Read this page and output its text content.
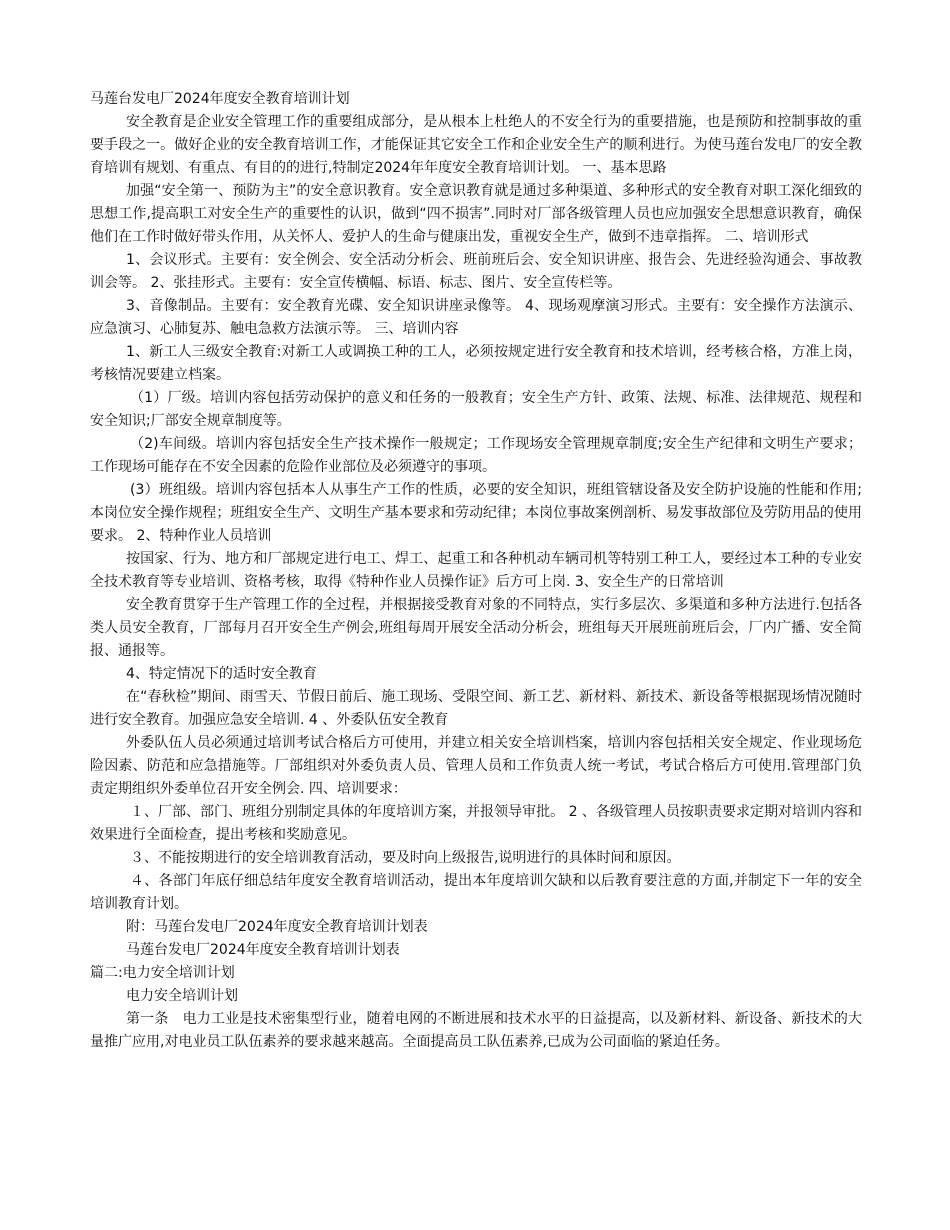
马莲台发电厂2024年度安全教育培训计划

安全教育是企业安全管理工作的重要组成部分，是从根本上杜绝人的不安全行为的重要措施，也是预防和控制事故的重要手段之一。做好企业的安全教育培训工作，才能保证其它安全工作和企业安全生产的顺利进行。为使马莲台发电厂的安全教育培训有规划、有重点、有目的的进行,特制定2024年年度安全教育培训计划。 一、基本思路

加强“安全第一、预防为主”的安全意识教育。安全意识教育就是通过多种渠道、多种形式的安全教育对职工深化细致的思想工作,提高职工对安全生产的重要性的认识，做到“四不损害”.同时对厂部各级管理人员也应加强安全思想意识教育，确保他们在工作时做好带头作用，从关怀人、爱护人的生命与健康出发，重视安全生产，做到不违章指挥。 二、培训形式

1、会议形式。主要有：安全例会、安全活动分析会、班前班后会、安全知识讲座、报告会、先进经验沟通会、事故教训会等。 2、张挂形式。主要有：安全宣传横幅、标语、标志、图片、安全宣传栏等。

3、音像制品。主要有：安全教育光碟、安全知识讲座录像等。 4、现场观摩演习形式。主要有：安全操作方法演示、应急演习、心肺复苏、触电急救方法演示等。 三、培训内容

1、新工人三级安全教育:对新工人或调换工种的工人，必须按规定进行安全教育和技术培训，经考核合格，方准上岗，考核情况要建立档案。

（1）厂级。培训内容包括劳动保护的意义和任务的一般教育；安全生产方针、政策、法规、标准、法律规范、规程和安全知识;厂部安全规章制度等。

（2)车间级。培训内容包括安全生产技术操作一般规定；工作现场安全管理规章制度;安全生产纪律和文明生产要求；工作现场可能存在不安全因素的危险作业部位及必须遵守的事项。

(3）班组级。培训内容包括本人从事生产工作的性质，必要的安全知识，班组管辖设备及安全防护设施的性能和作用;本岗位安全操作规程；班组安全生产、文明生产基本要求和劳动纪律；本岗位事故案例剖析、易发事故部位及劳防用品的使用要求。 2、特种作业人员培训

按国家、行为、地方和厂部规定进行电工、焊工、起重工和各种机动车辆司机等特别工种工人，要经过本工种的专业安全技术教育等专业培训、资格考核，取得《特种作业人员操作证》后方可上岗. 3、安全生产的日常培训

安全教育贯穿于生产管理工作的全过程，并根据接受教育对象的不同特点，实行多层次、多渠道和多种方法进行.包括各类人员安全教育，厂部每月召开安全生产例会,班组每周开展安全活动分析会，班组每天开展班前班后会，厂内广播、安全简报、通报等。

4、特定情况下的适时安全教育

在“春秋检”期间、雨雪天、节假日前后、施工现场、受限空间、新工艺、新材料、新技术、新设备等根据现场情况随时进行安全教育。加强应急安全培训. 4 、外委队伍安全教育

外委队伍人员必须通过培训考试合格后方可使用，并建立相关安全培训档案，培训内容包括相关安全规定、作业现场危险因素、防范和应急措施等。厂部组织对外委负责人员、管理人员和工作负责人统一考试，考试合格后方可使用.管理部门负责定期组织外委单位召开安全例会. 四、培训要求：

１、厂部、部门、班组分别制定具体的年度培训方案，并报领导审批。 2 、各级管理人员按职责要求定期对培训内容和效果进行全面检查，提出考核和奖励意见。

３、不能按期进行的安全培训教育活动，要及时向上级报告,说明进行的具体时间和原因。

４、各部门年底仔细总结年度安全教育培训活动，提出本年度培训欠缺和以后教育要注意的方面,并制定下一年的安全培训教育计划。

附：马莲台发电厂2024年度安全教育培训计划表

马莲台发电厂2024年度安全教育培训计划表

篇二:电力安全培训计划

电力安全培训计划

第一条　电力工业是技术密集型行业，随着电网的不断进展和技术水平的日益提高，以及新材料、新设备、新技术的大量推广应用,对电业员工队伍素养的要求越来越高。全面提高员工队伍素养,已成为公司面临的紧迫任务。
